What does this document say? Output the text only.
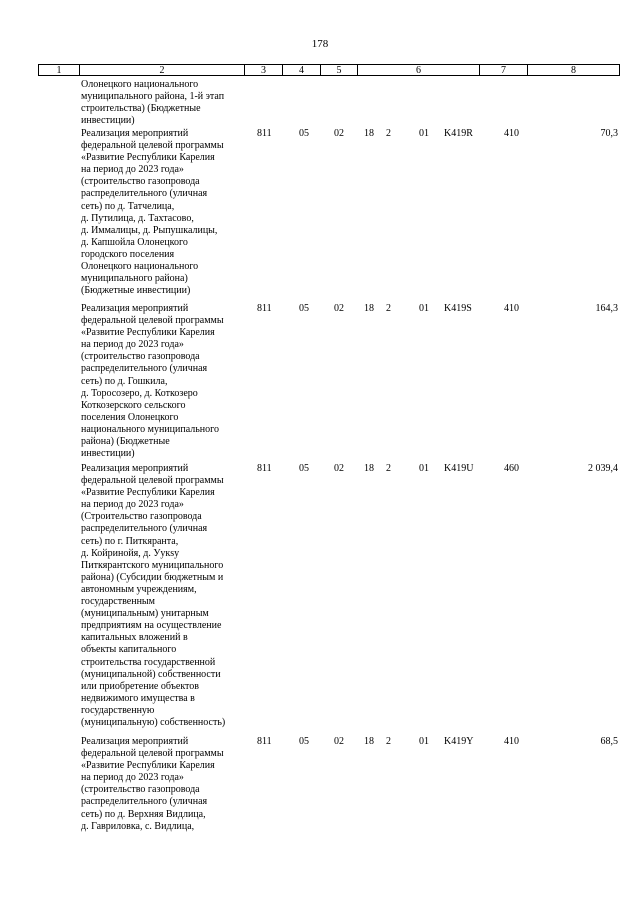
178
1	2	3	4	5	6	7	8
Олонецкого национального
муниципального района, 1-й этап
строительства) (Бюджетные
инвестиции)
Реализация мероприятий
федеральной целевой программы
«Развитие Республики Карелия
на период до 2023 года»
(строительство газопровода
распределительного (уличная
сеть) по д. Татчелица,
д. Путилица, д. Тахтасово,
д. Иммалицы, д. Рыпушкалицы,
д. Капшойла Олонецкого
городского поселения
Олонецкого национального
муниципального района)
(Бюджетные инвестиции)
811	05	02 18 2	01 K419R	410	70,3
Реализация мероприятий
федеральной целевой программы
«Развитие Республики Карелия
на период до 2023 года»
(строительство газопровода
распределительного (уличная
сеть) по д. Гошкила,
д. Торосозеро, д. Коткозеро
Коткозерского сельского
поселения Олонецкого
национального муниципального
района) (Бюджетные
инвестиции)
811	05	02 18 2	01 K419S	410	164,3
Реализация мероприятий
федеральной целевой программы
«Развитие Республики Карелия
на период до 2023 года»
(Строительство газопровода
распределительного (уличная
сеть) по г. Питкяранта,
д. Койринойя, д. Уукsу
Питкярантского муниципального
района) (Субсидии бюджетным и
автономным учреждениям,
государственным
(муниципальным) унитарным
предприятиям на осуществление
капитальных вложений в
объекты капитального
строительства государственной
(муниципальной) собственности
или приобретение объектов
недвижимого имущества в
государственную
(муниципальную) собственность)
811	05	02 18 2	01 K419U	460	2 039,4
Реализация мероприятий
федеральной целевой программы
«Развитие Республики Карелия
на период до 2023 года»
(строительство газопровода
распределительного (уличная
сеть) по д. Верхняя Видлица,
д. Гавриловка, с. Видлица,
811	05	02 18 2	01 K419Y	410	68,5
